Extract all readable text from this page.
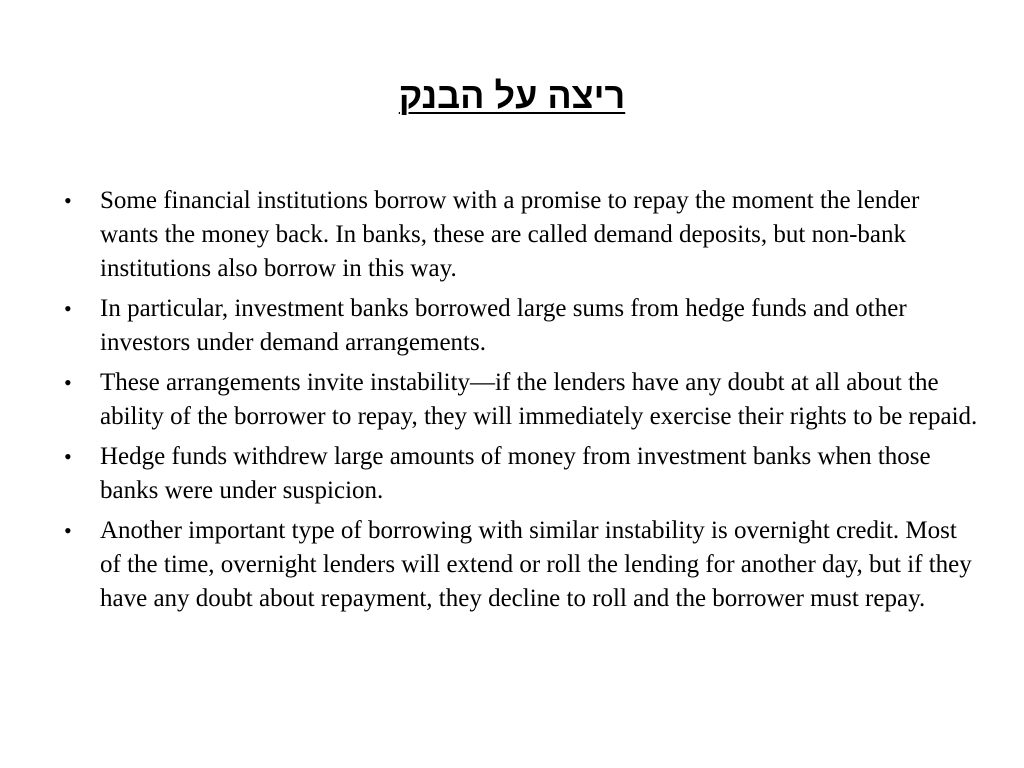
ריצה על הבנק
• Some financial institutions borrow with a promise to repay the moment the lender wants the money back. In banks, these are called demand deposits, but non-bank institutions also borrow in this way.
• In particular, investment banks borrowed large sums from hedge funds and other investors under demand arrangements.
• These arrangements invite instability—if the lenders have any doubt at all about the ability of the borrower to repay, they will immediately exercise their rights to be repaid.
• Hedge funds withdrew large amounts of money from investment banks when those banks were under suspicion.
• Another important type of borrowing with similar instability is overnight credit. Most of the time, overnight lenders will extend or roll the lending for another day, but if they have any doubt about repayment, they decline to roll and the borrower must repay.
